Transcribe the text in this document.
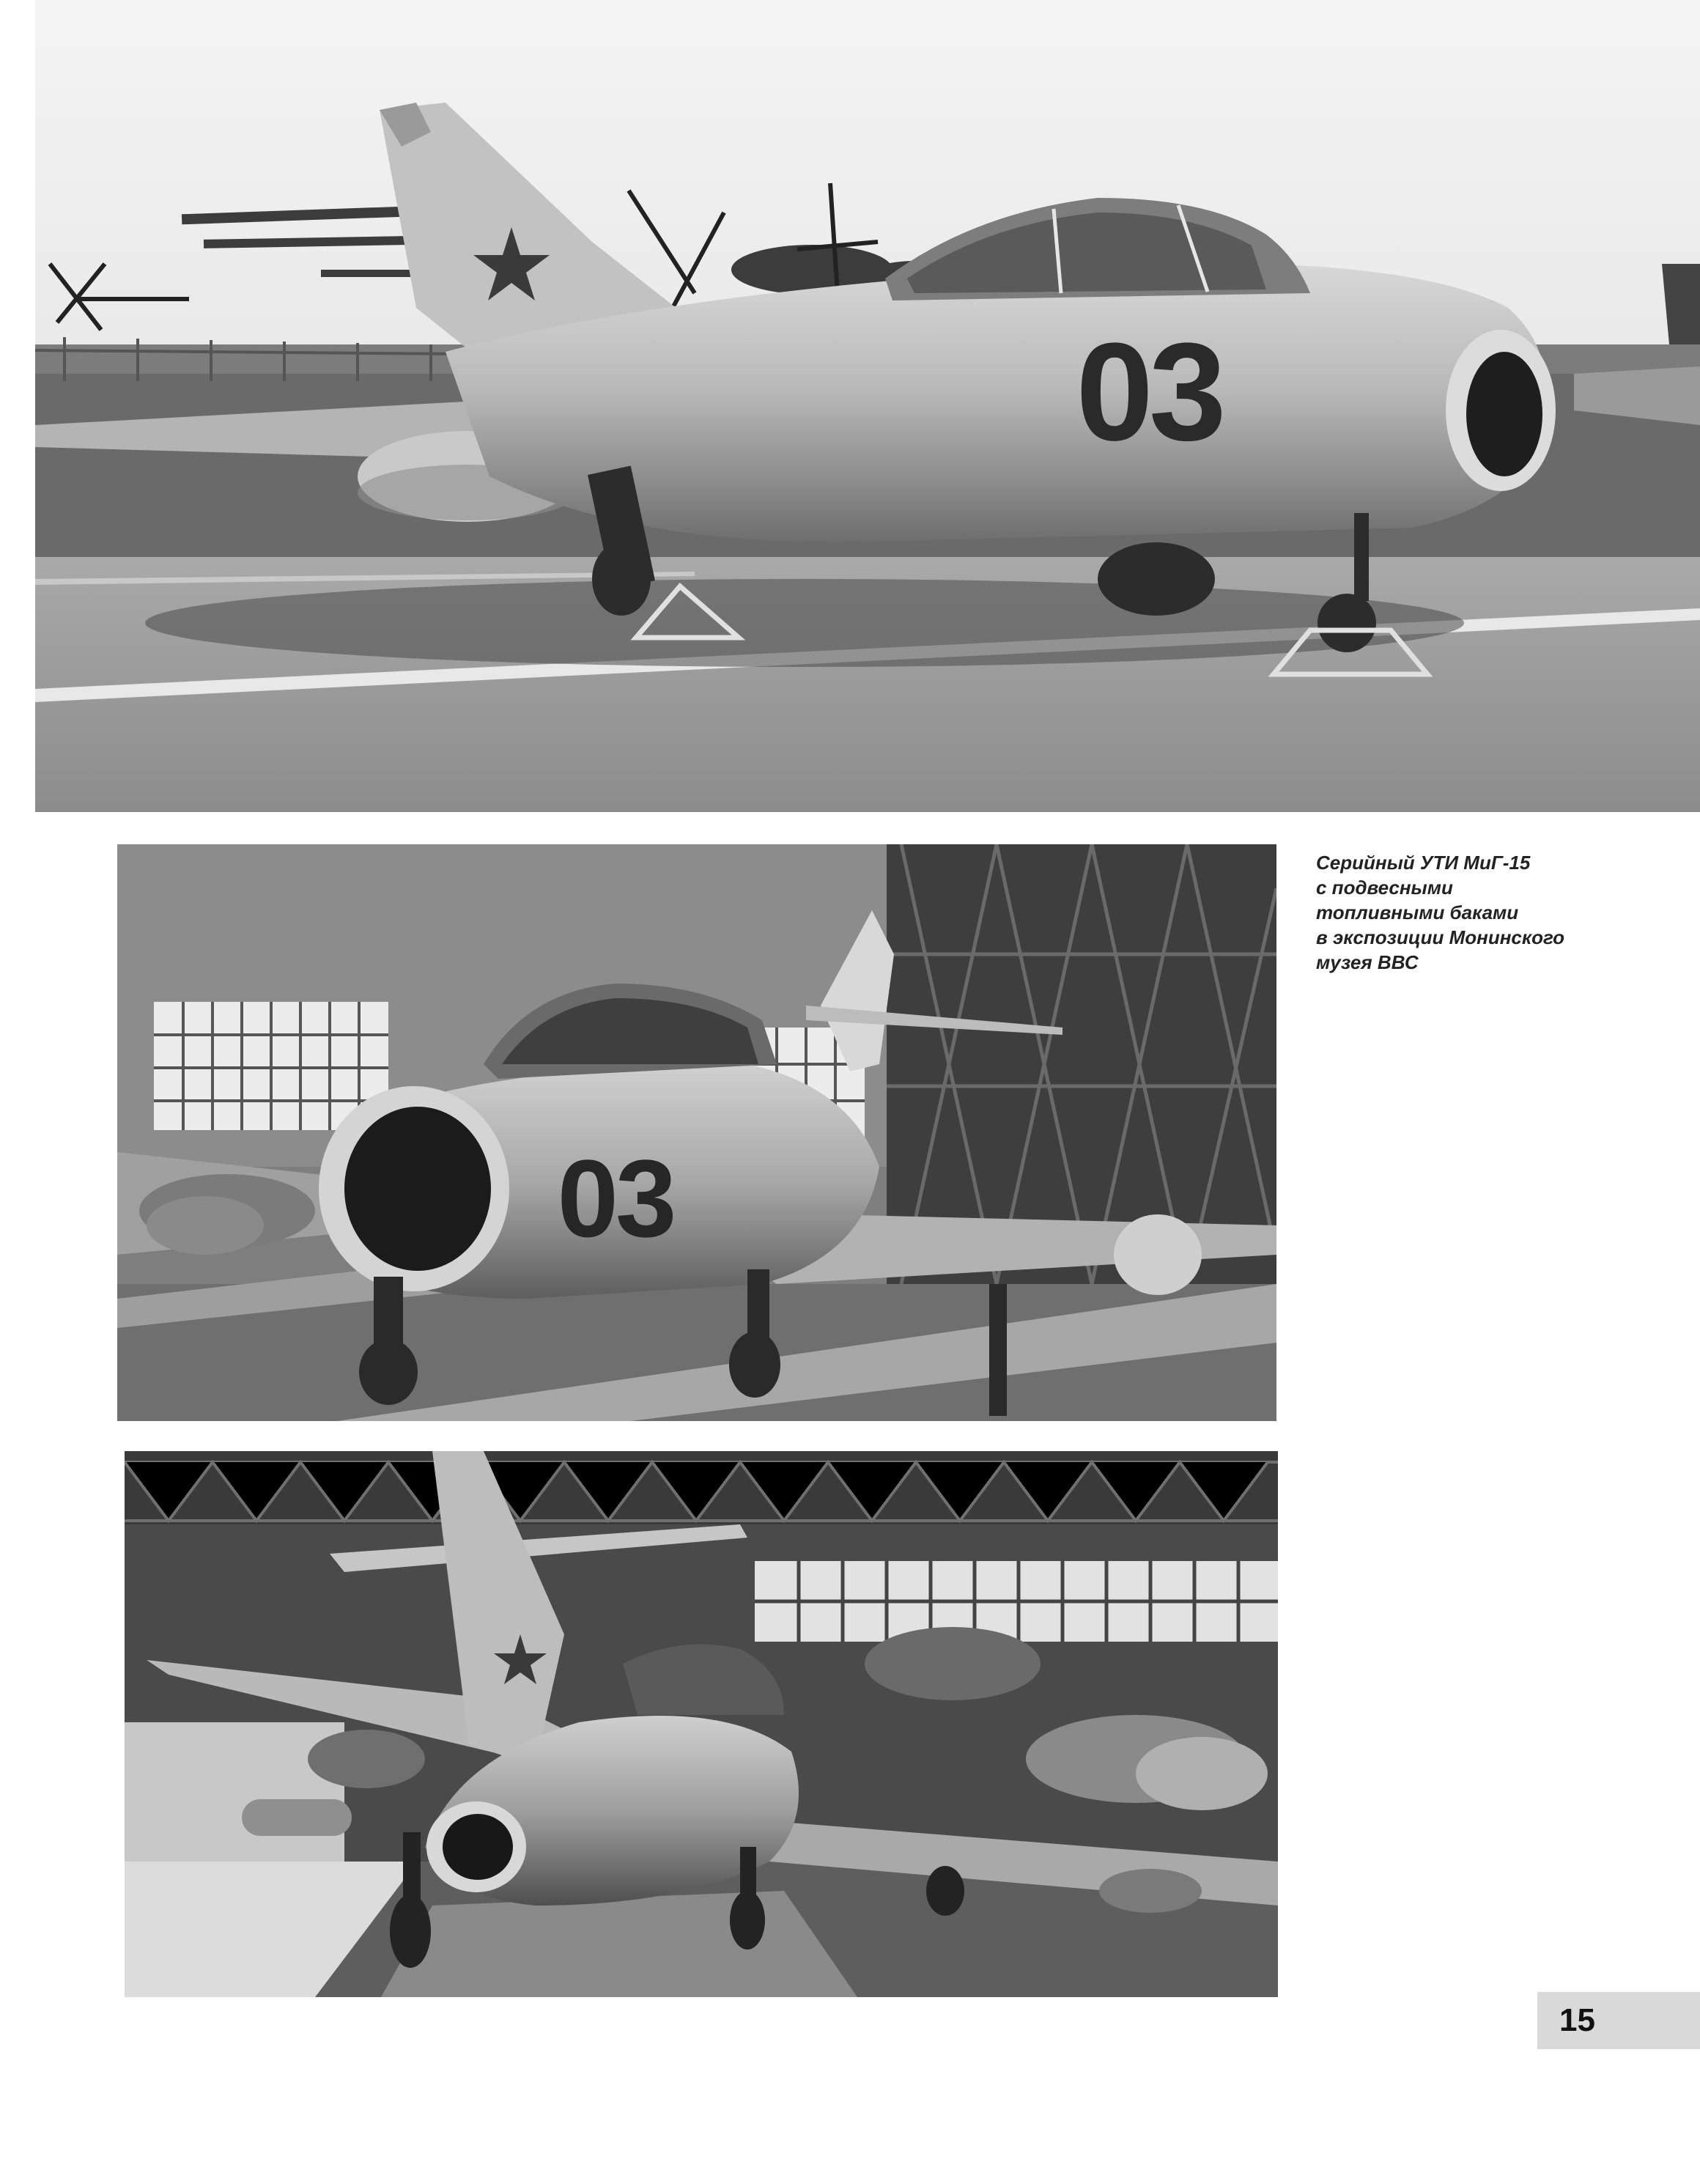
03
03

Серийный УТИ МиГ-15
с подвесными
топливными баками
в экспозиции Монинского
музея ВВС

15
